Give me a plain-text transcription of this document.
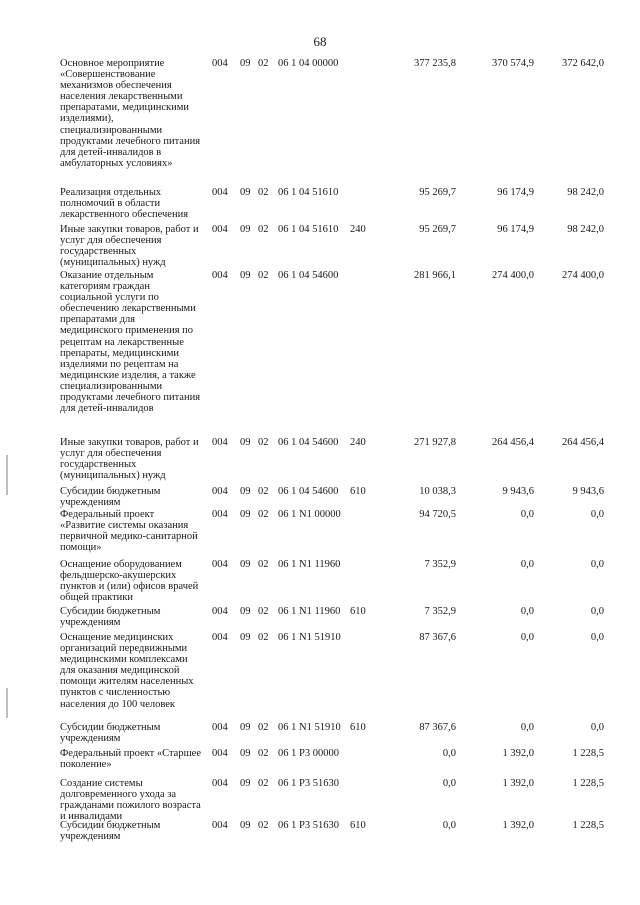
68
Основное мероприятие
«Совершенствование
механизмов обеспечения
населения лекарственными
препаратами, медицинскими
изделиями),
специализированными
продуктами лечебного питания
для детей-инвалидов в
амбулаторных условиях»
004 09 02 06 1 04 00000	377 235,8	370 574,9	372 642,0
Реализация отдельных
полномочий в области
лекарственного обеспечения
004 09 02 06 1 04 51610	95 269,7	96 174,9	98 242,0
Иные закупки товаров, работ и
услуг для обеспечения
государственных
(муниципальных) нужд
004 09 02 06 1 04 51610 240	95 269,7	96 174,9	98 242,0
Оказание отдельным
категориям граждан
социальной услуги по
обеспечению лекарственными
препаратами для
медицинского применения по
рецептам на лекарственные
препараты, медицинскими
изделиями по рецептам на
медицинские изделия, а также
специализированными
продуктами лечебного питания
для детей-инвалидов
004 09 02 06 1 04 54600	281 966,1	274 400,0	274 400,0
Иные закупки товаров, работ и
услуг для обеспечения
государственных
(муниципальных) нужд
004 09 02 06 1 04 54600 240	271 927,8	264 456,4	264 456,4
Субсидии бюджетным
учреждениям
004 09 02 06 1 04 54600 610	10 038,3	9 943,6	9 943,6
Федеральный проект
«Развитие системы оказания
первичной медико-санитарной
помощи»
004 09 02 06 1 N1 00000	94 720,5	0,0	0,0
Оснащение оборудованием
фельдшерско-акушерских
пунктов и (или) офисов врачей
общей практики
004 09 02 06 1 N1 11960	7 352,9	0,0	0,0
Субсидии бюджетным
учреждениям
004 09 02 06 1 N1 11960 610	7 352,9	0,0	0,0
Оснащение медицинских
организаций передвижными
медицинскими комплексами
для оказания медицинской
помощи жителям населенных
пунктов с численностью
населения до 100 человек
004 09 02 06 1 N1 51910	87 367,6	0,0	0,0
Субсидии бюджетным
учреждениям
004 09 02 06 1 N1 51910 610	87 367,6	0,0	0,0
Федеральный проект «Старшее
поколение»
004 09 02 06 1 P3 00000	0,0	1 392,0	1 228,5
Создание системы
долговременного ухода за
гражданами пожилого возраста
и инвалидами
004 09 02 06 1 P3 51630	0,0	1 392,0	1 228,5
Субсидии бюджетным
учреждениям
004 09 02 06 1 P3 51630 610	0,0	1 392,0	1 228,5
